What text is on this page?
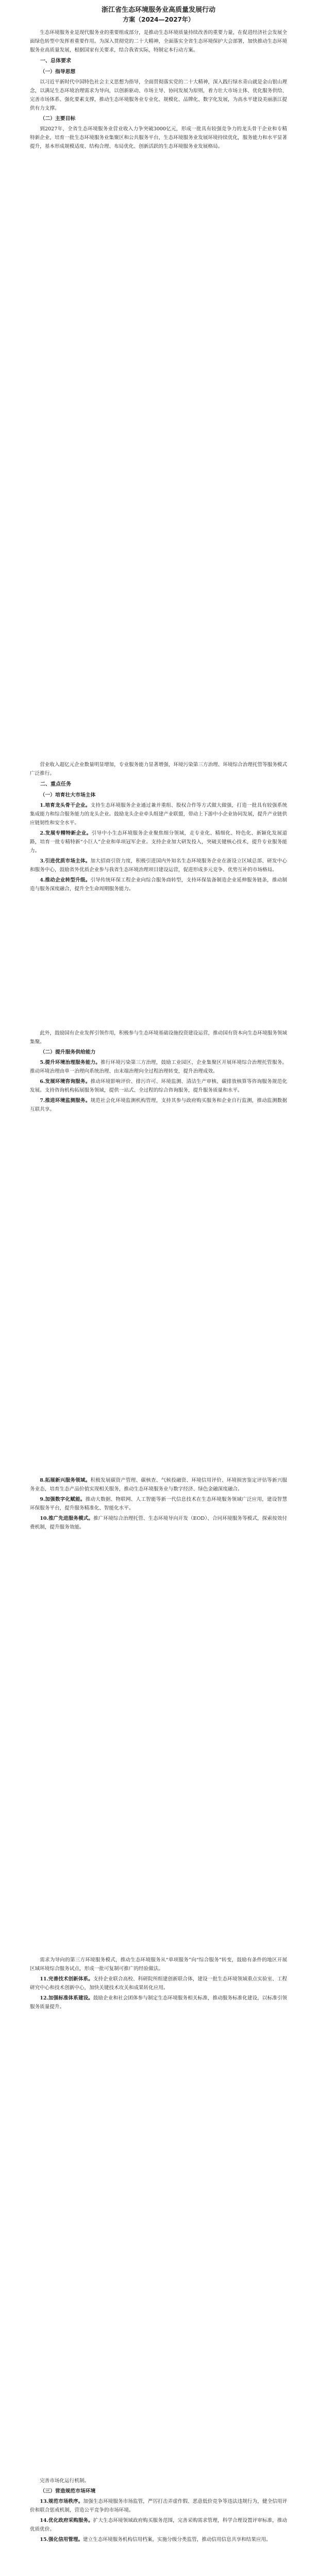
浙江省生态环境服务业高质量发展行动
方案（2024—2027年）

生态环境服务业是现代服务业的重要组成部分，是推动生态环境质量持续改善的重要力量，在促进经济社会发展全面绿色转型中发挥着重要作用。为深入贯彻党的二十大精神，全面落实全省生态环境保护大会部署，加快推动生态环境服务业高质量发展，根据国家有关要求，结合我省实际，特制定本行动方案。

一、总体要求
（一）指导思想

以习近平新时代中国特色社会主义思想为指导，全面贯彻落实党的二十大精神，深入践行绿水青山就是金山银山理念，以满足生态环境治理需求为导向，以创新驱动、市场主导、协同发展为原则，着力壮大市场主体、优化服务供给、完善市场体系、强化要素支撑，推动生态环境服务业专业化、规模化、品牌化、数字化发展，为高水平建设美丽浙江提供有力支撑。

（二）主要目标

到2027年，全省生态环境服务业营业收入力争突破3000亿元，形成一批具有较强竞争力的龙头骨干企业和专精特新企业，培育一批生态环境服务业集聚区和公共服务平台，生态环境服务业发展环境持续优化，服务能力和水平显著提升，基本形成规模适度、结构合理、布局优化、创新活跃的生态环境服务业发展格局。

营业收入超亿元企业数量明显增加，专业服务能力显著增强，环境污染第三方治理、环境综合治理托管等服务模式广泛推行。

二、重点任务
（一）培育壮大市场主体

1.培育龙头骨干企业。支持生态环境服务企业通过兼并重组、股权合作等方式做大做强，打造一批具有较强系统集成能力和综合服务能力的龙头企业。鼓励龙头企业牵头组建产业联盟，带动上下游中小企业协同发展，提升产业链供应链韧性和安全水平。

2.发展专精特新企业。引导中小生态环境服务企业聚焦细分领域，走专业化、精细化、特色化、新颖化发展道路，培育一批专精特新“小巨人”企业和单项冠军企业。支持企业加大研发投入，突破关键核心技术，提升专业服务能力。

3.引进优质市场主体。加大招商引资力度，积极引进国内外知名生态环境服务企业在浙设立区域总部、研发中心和服务中心，鼓励省外优质企业参与我省生态环境治理项目建设运营，促进形成多元竞争、优势互补的市场格局。

4.推动企业转型升级。引导传统环保工程企业向综合服务商转型，支持环保装备制造企业延伸服务链条，推动制造与服务深度融合，提升全生命周期服务能力。

此外，鼓励国有企业发挥引领作用，积极参与生态环境基础设施投资建设运营，推动国有资本向生态环境服务领域集聚。

（二）提升服务供给能力

5.提升环境治理服务能力。推行环境污染第三方治理，鼓励工业园区、企业集聚区开展环境综合治理托管服务。推动环境治理由单一治理向系统治理、由末端治理向全过程治理转变，提升治理成效。

6.发展环境咨询服务。推动环境影响评价、排污许可、环境监测、清洁生产审核、碳排放核算等咨询服务规范化发展。支持咨询机构拓展服务领域，提供一站式、全过程的综合咨询服务，提升服务质量和水平。

7.推进环境监测服务。规范社会化环境监测机构管理，支持其参与政府购买服务和企业自行监测，推动监测数据互联共享。

8.拓展新兴服务领域。积极发展碳资产管理、碳核查、气候投融资、环境信用评价、环境损害鉴定评估等新兴服务业态，培育生态产品价值实现相关服务，推动生态环境服务业与数字经济、绿色金融深度融合。

9.加强数字化赋能。推动大数据、物联网、人工智能等新一代信息技术在生态环境服务领域广泛应用，建设智慧环保服务平台，提升服务精准化、智能化水平。

10.推广先进服务模式。推广环境综合治理托管、生态环境导向开发（EOD）、合同环境服务等模式，探索按效付费机制，提升服务效能。

需求为导向的第三方环境服务模式，推动生态环境服务从“单项服务”向“综合服务”转变，鼓励有条件的地区开展区域环境综合服务试点，形成一批可复制可推广的经验做法。

11.完善技术创新体系。支持企业联合高校、科研院所组建创新联合体，建设一批生态环境领域重点实验室、工程研究中心和技术创新中心，加快关键技术攻关和成果转化应用。

12.加强标准体系建设。鼓励企业和社会团体参与制定生态环境服务相关标准，推动服务标准化建设，以标准引领服务质量提升。

完善市场化运行机制。

（三）营造规范市场环境

13.规范市场秩序。加强生态环境服务市场监管，严厉打击弄虚作假、恶意低价竞争等违法违规行为，健全信用评价和联合惩戒机制，营造公平竞争的市场环境。

14.优化政府采购服务。扩大生态环境领域政府购买服务范围，完善采购需求管理，科学合理设置评审标准，推动优质优价。

15.强化信用管理。建立生态环境服务机构信用档案，实施分级分类监管，推动信用信息共享和结果应用。
